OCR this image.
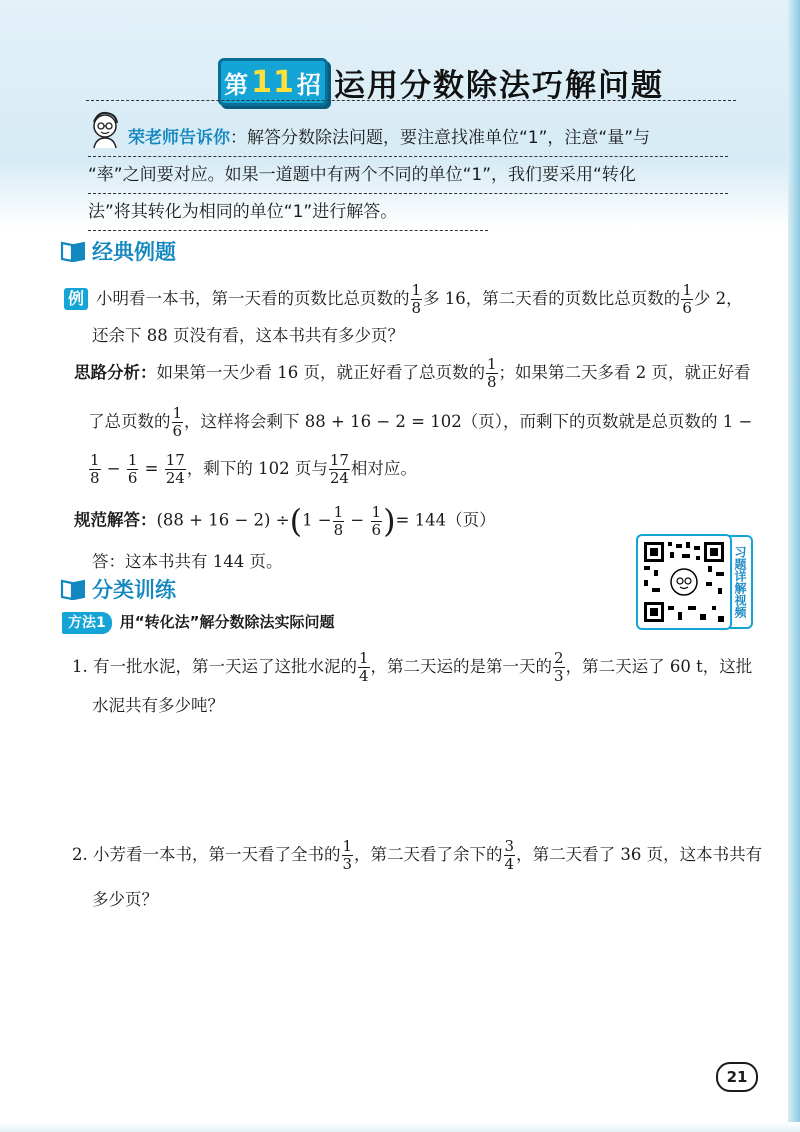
第 11 招 运用分数除法巧解问题
荣老师告诉你：解答分数除法问题，要注意找准单位“1”，注意“量”与
“率”之间要对应。如果一道题中有两个不同的单位“1”，我们要采用“转化
法”将其转化为相同的单位“1”进行解答。
经典例题
例 小明看一本书，第一天看的页数比总页数的 $\frac{1}{8}$ 多 16，第二天看的页数比总页数的 $\frac{1}{6}$ 少 2，
还余下 88 页没有看，这本书共有多少页？
思路分析：如果第一天少看 16 页，就正好看了总页数的 $\frac{1}{8}$ ；如果第二天多看 2 页，就正好看
了总页数的 $\frac{1}{6}$ ，这样将会剩下 88 + 16 − 2 = 102（页），而剩下的页数就是总页数的 1 −
$\frac{1}{8} - \frac{1}{6} = \frac{17}{24}$ ，剩下的 102 页与 $\frac{17}{24}$ 相对应。
规范解答：$(88 + 16 - 2) \div(1 - \frac{1}{8} - \frac{1}{6}$ )= 144（页）
答：这本书共有 144 页。	习题详解视频
分类训练
方法1 用“转化法”解分数除法实际问题
1. 有一批水泥，第一天运了这批水泥的 $\frac{1}{4}$ ，第二天运的是第一天的 $\frac{2}{3}$ ，第二天运了 60 t，这批
水泥共有多少吨？
2. 小芳看一本书，第一天看了全书的 $\frac{1}{3}$ ，第二天看了余下的 $\frac{3}{4}$ ，第二天看了 36 页，这本书共有
多少页？
21
